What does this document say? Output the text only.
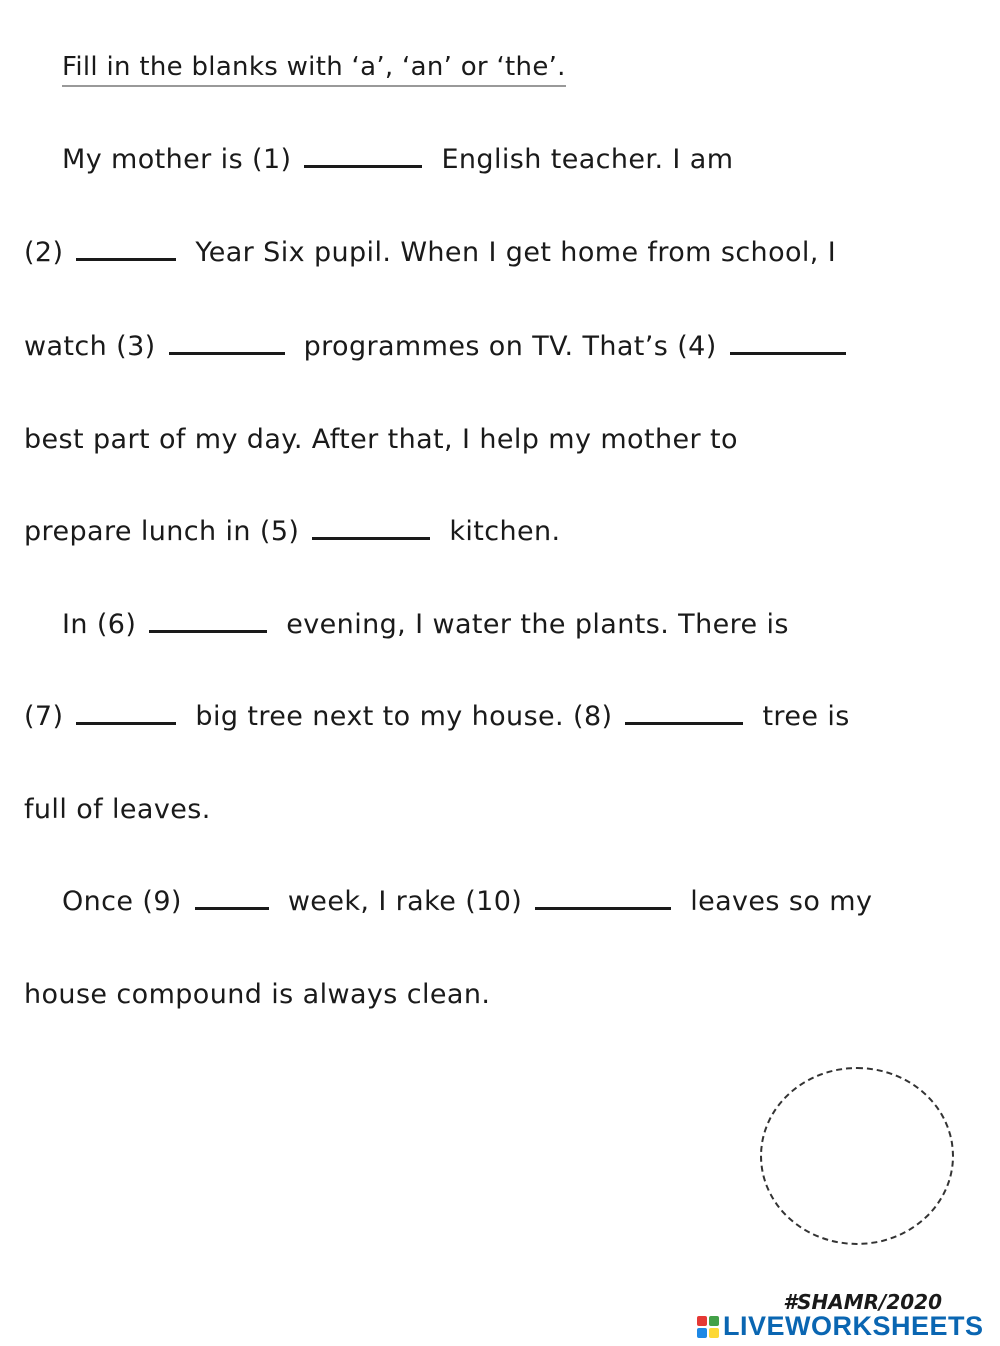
Fill in the blanks with ‘a’, ‘an’ or ‘the’.
My mother is (1)	English teacher. I am
(2)	Year Six pupil. When I get home from school, I
watch (3)	programmes on TV. That’s (4)
best part of my day. After that, I help my mother to
prepare lunch in (5)	kitchen.
In (6)	evening, I water the plants. There is
(7)	big tree next to my house. (8)	tree is
full of leaves.
Once (9)	week, I rake (10)	leaves so my
house compound is always clean.
#SHAMR/2020
LIVEWORKSHEETS
